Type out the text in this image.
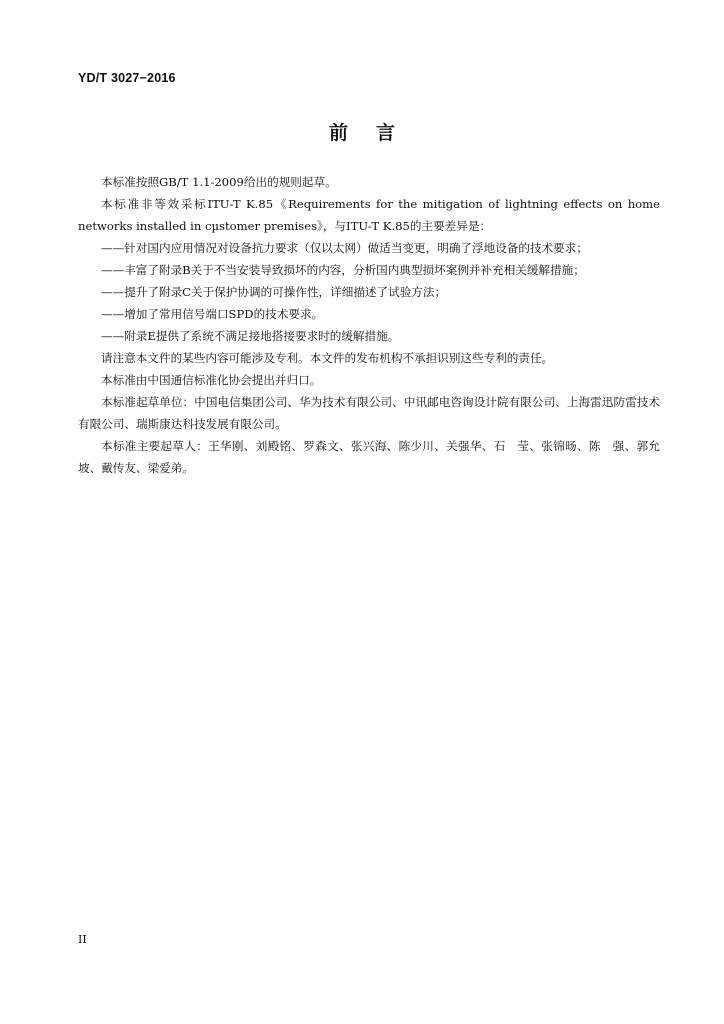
YD/T 3027−2016
前 言

本标准按照GB/T 1.1-2009给出的规则起草。

本标准非等效采标ITU-T K.85《Requirements for the mitigation of lightning effects on home networks installed in cµstomer premises》，与ITU-T K.85的主要差异是：

——针对国内应用情况对设备抗力要求（仅以太网）做适当变更，明确了浮地设备的技术要求；

——丰富了附录B关于不当安装导致损坏的内容，分析国内典型损坏案例并补充相关缓解措施；

——提升了附录C关于保护协调的可操作性，详细描述了试验方法；

——增加了常用信号端口SPD的技术要求。

——附录E提供了系统不满足接地搭接要求时的缓解措施。

请注意本文件的某些内容可能涉及专利。本文件的发布机构不承担识别这些专利的责任。

本标准由中国通信标准化协会提出并归口。

本标准起草单位：中国电信集团公司、华为技术有限公司、中讯邮电咨询设计院有限公司、上海雷迅防雷技术有限公司、瑞斯康达科技发展有限公司。

本标准主要起草人：王华刚、刘殿铭、罗森文、张兴海、陈少川、关强华、石　莹、张锦旸、陈　强、郭允坡、戴传友、梁爱弟。

II
